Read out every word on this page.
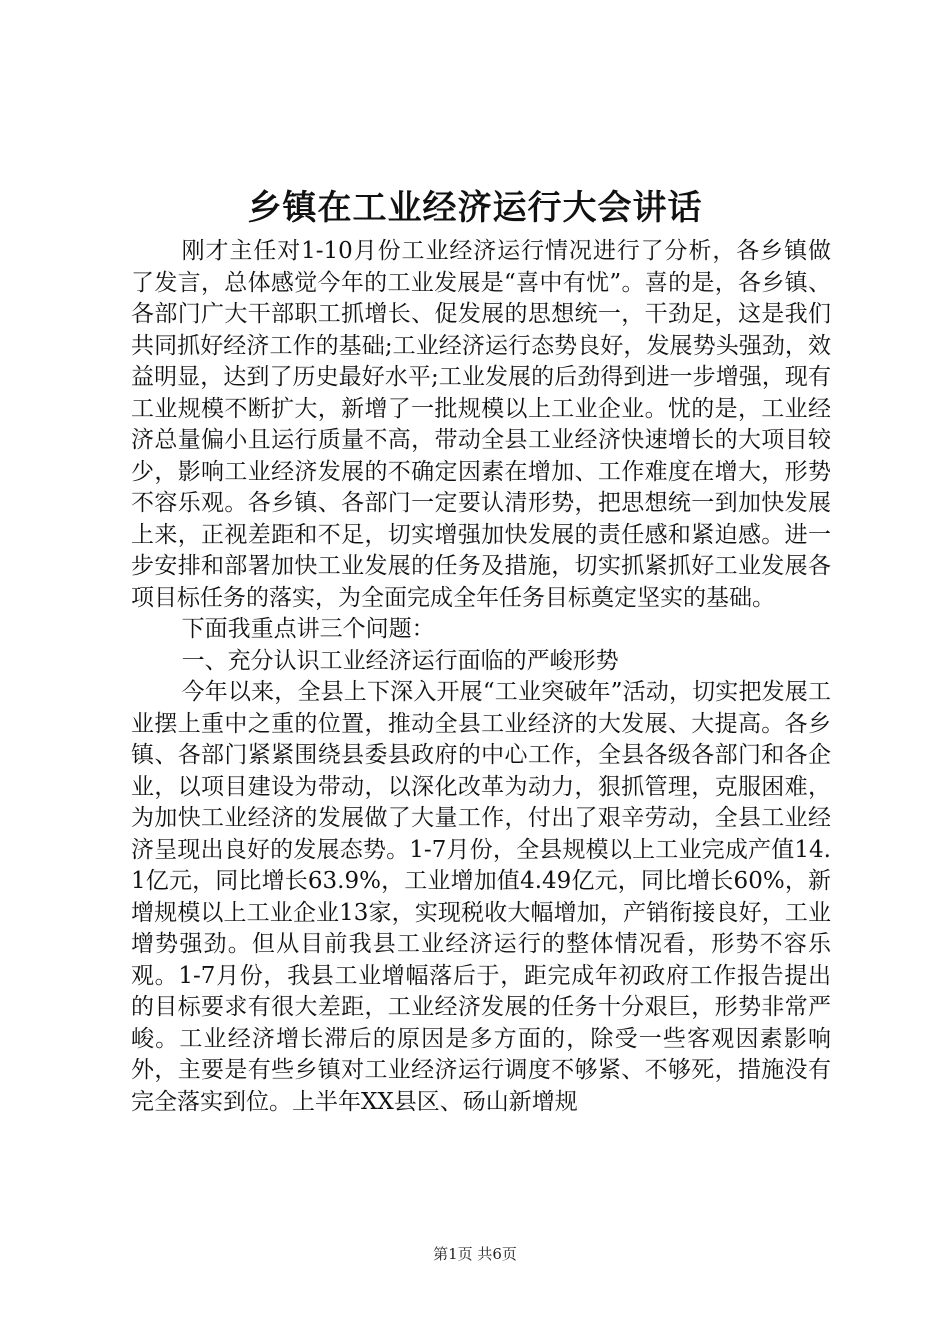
乡镇在工业经济运行大会讲话

刚才主任对1-10月份工业经济运行情况进行了分析，各乡镇做了发言，总体感觉今年的工业发展是“喜中有忧”。喜的是，各乡镇、各部门广大干部职工抓增长、促发展的思想统一，干劲足，这是我们共同抓好经济工作的基础;工业经济运行态势良好，发展势头强劲，效益明显，达到了历史最好水平;工业发展的后劲得到进一步增强，现有工业规模不断扩大，新增了一批规模以上工业企业。忧的是，工业经济总量偏小且运行质量不高，带动全县工业经济快速增长的大项目较少，影响工业经济发展的不确定因素在增加、工作难度在增大，形势不容乐观。各乡镇、各部门一定要认清形势，把思想统一到加快发展上来，正视差距和不足，切实增强加快发展的责任感和紧迫感。进一步安排和部署加快工业发展的任务及措施，切实抓紧抓好工业发展各项目标任务的落实，为全面完成全年任务目标奠定坚实的基础。

下面我重点讲三个问题：

一、充分认识工业经济运行面临的严峻形势

今年以来，全县上下深入开展“工业突破年”活动，切实把发展工业摆上重中之重的位置，推动全县工业经济的大发展、大提高。各乡镇、各部门紧紧围绕县委县政府的中心工作，全县各级各部门和各企业，以项目建设为带动，以深化改革为动力，狠抓管理，克服困难，为加快工业经济的发展做了大量工作，付出了艰辛劳动，全县工业经济呈现出良好的发展态势。1-7月份，全县规模以上工业完成产值14.1亿元，同比增长63.9%，工业增加值4.49亿元，同比增长60%，新增规模以上工业企业13家，实现税收大幅增加，产销衔接良好，工业增势强劲。但从目前我县工业经济运行的整体情况看，形势不容乐观。1-7月份，我县工业增幅落后于，距完成年初政府工作报告提出的目标要求有很大差距，工业经济发展的任务十分艰巨，形势非常严峻。工业经济增长滞后的原因是多方面的，除受一些客观因素影响外，主要是有些乡镇对工业经济运行调度不够紧、不够死，措施没有完全落实到位。上半年XX县区、砀山新增规

第1页 共6页
